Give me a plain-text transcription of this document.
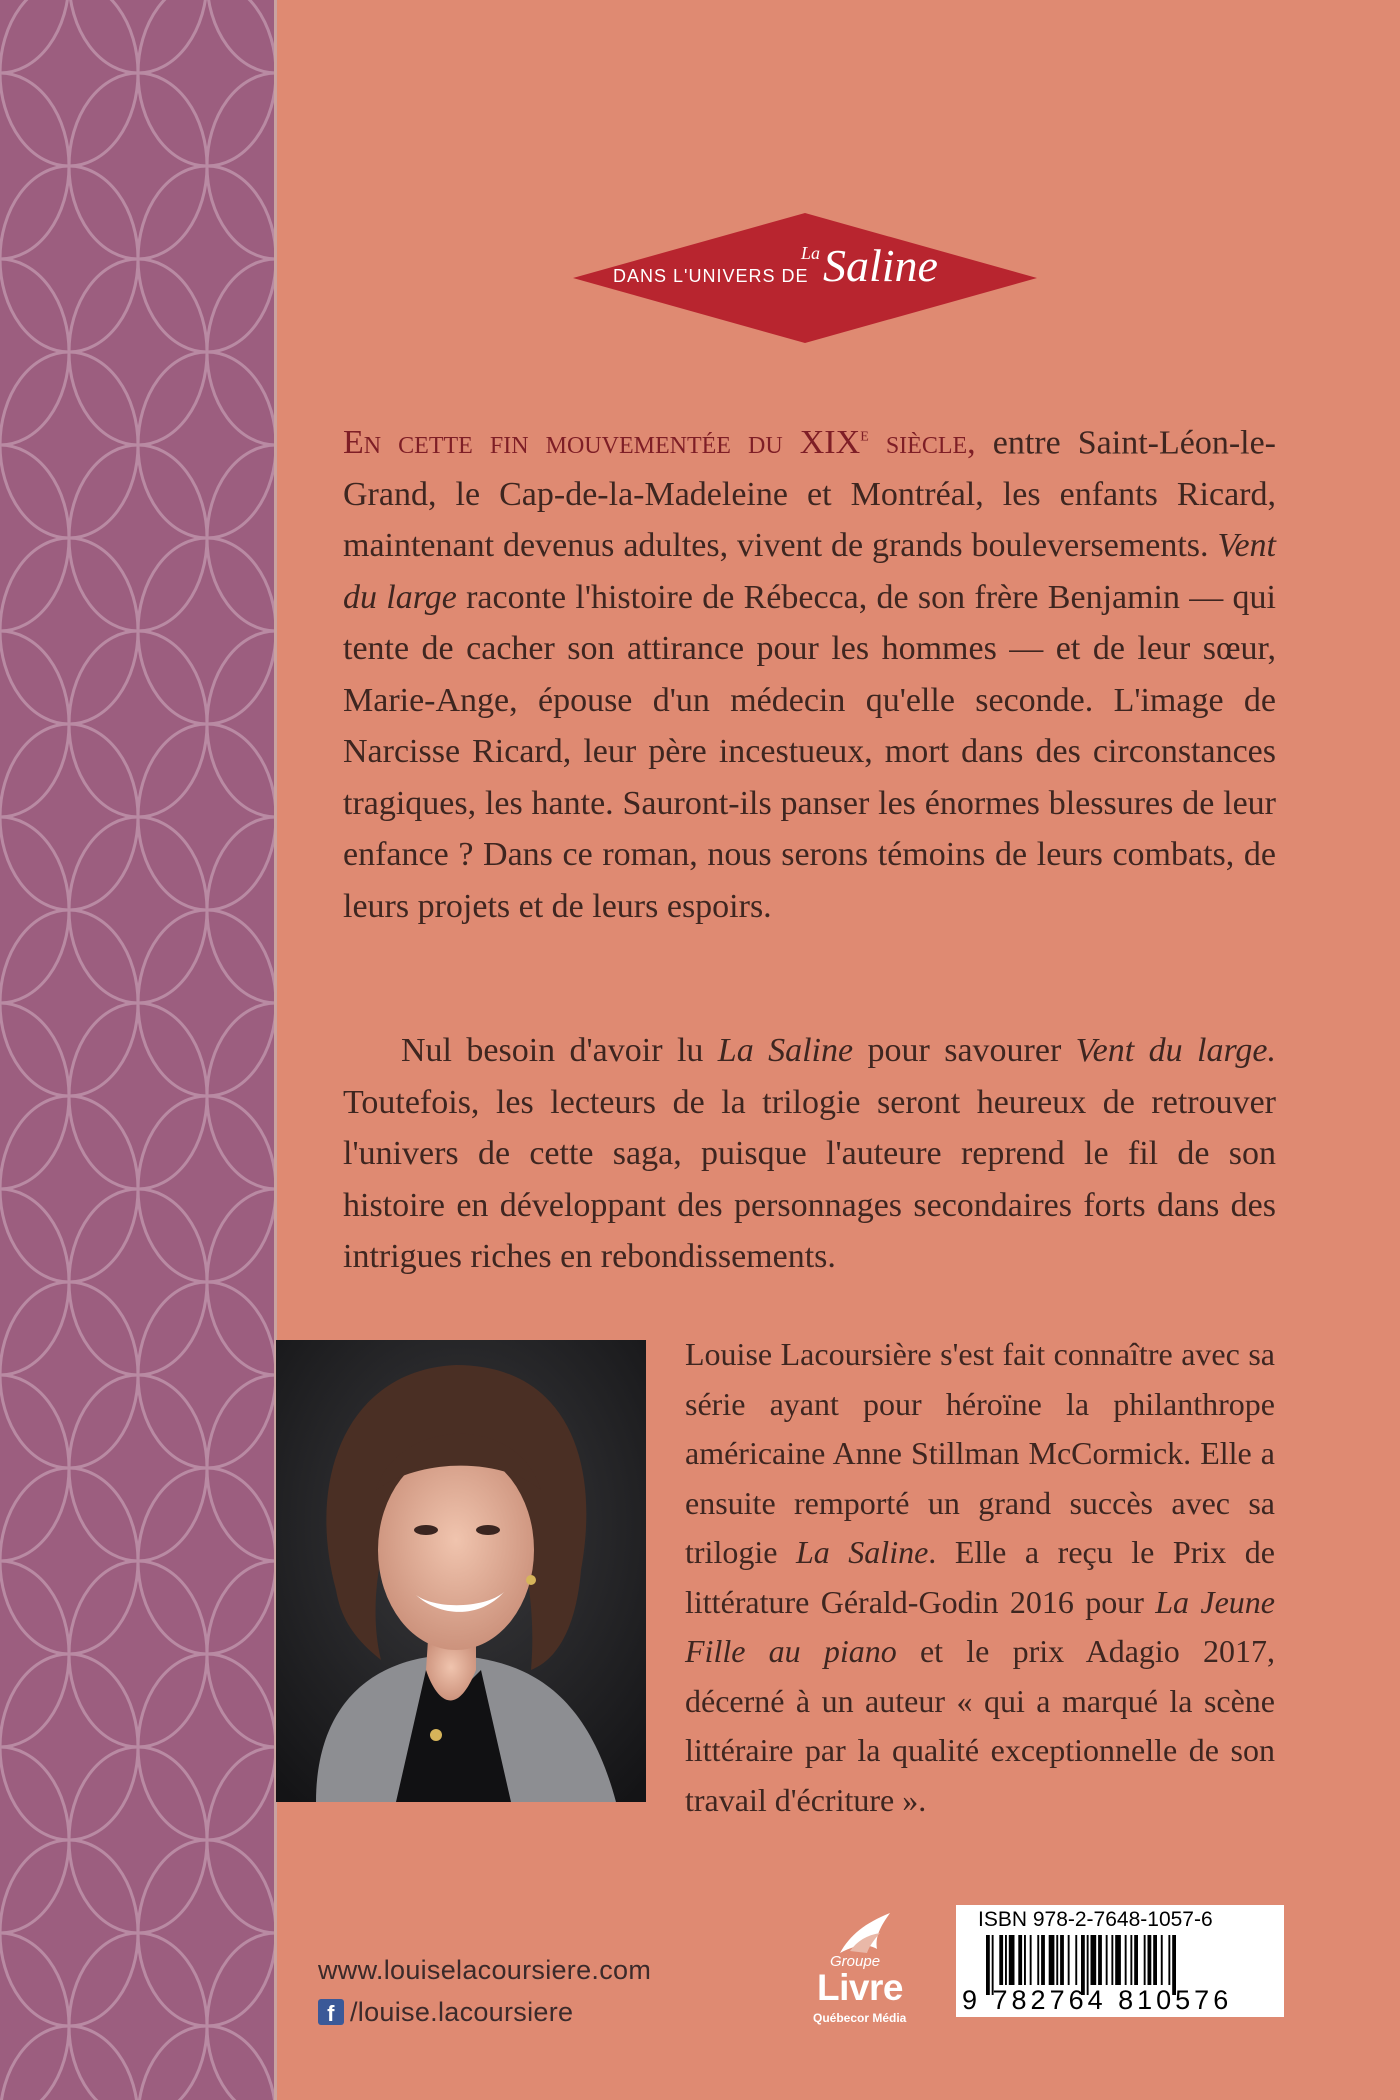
DANS L'UNIVERS DE
La Saline

En cette fin mouvementée du XIXe siècle, entre Saint-Léon-le-Grand, le Cap-de-la-Madeleine et Montréal, les enfants Ricard, maintenant devenus adultes, vivent de grands bouleversements. Vent du large raconte l'histoire de Rébecca, de son frère Benjamin — qui tente de cacher son attirance pour les hommes — et de leur sœur, Marie-Ange, épouse d'un médecin qu'elle seconde. L'image de Narcisse Ricard, leur père incestueux, mort dans des circonstances tragiques, les hante. Sauront-ils panser les énormes blessures de leur enfance ? Dans ce roman, nous serons témoins de leurs combats, de leurs projets et de leurs espoirs.

Nul besoin d'avoir lu La Saline pour savourer Vent du large. Toutefois, les lecteurs de la trilogie seront heureux de retrouver l'univers de cette saga, puisque l'auteure reprend le fil de son histoire en développant des personnages secondaires forts dans des intrigues riches en rebondissements.

Louise Lacoursière s'est fait connaître avec sa série ayant pour héroïne la philanthrope américaine Anne Stillman McCormick. Elle a ensuite remporté un grand succès avec sa trilogie La Saline. Elle a reçu le Prix de littérature Gérald-Godin 2016 pour La Jeune Fille au piano et le prix Adagio 2017, décerné à un auteur « qui a marqué la scène littéraire par la qualité exceptionnelle de son travail d'écriture ».

www.louiselacoursiere.com
f /louise.lacoursiere
Groupe
Livre
Québecor Média
ISBN 978-2-7648-1057-6
9 782764 810576
